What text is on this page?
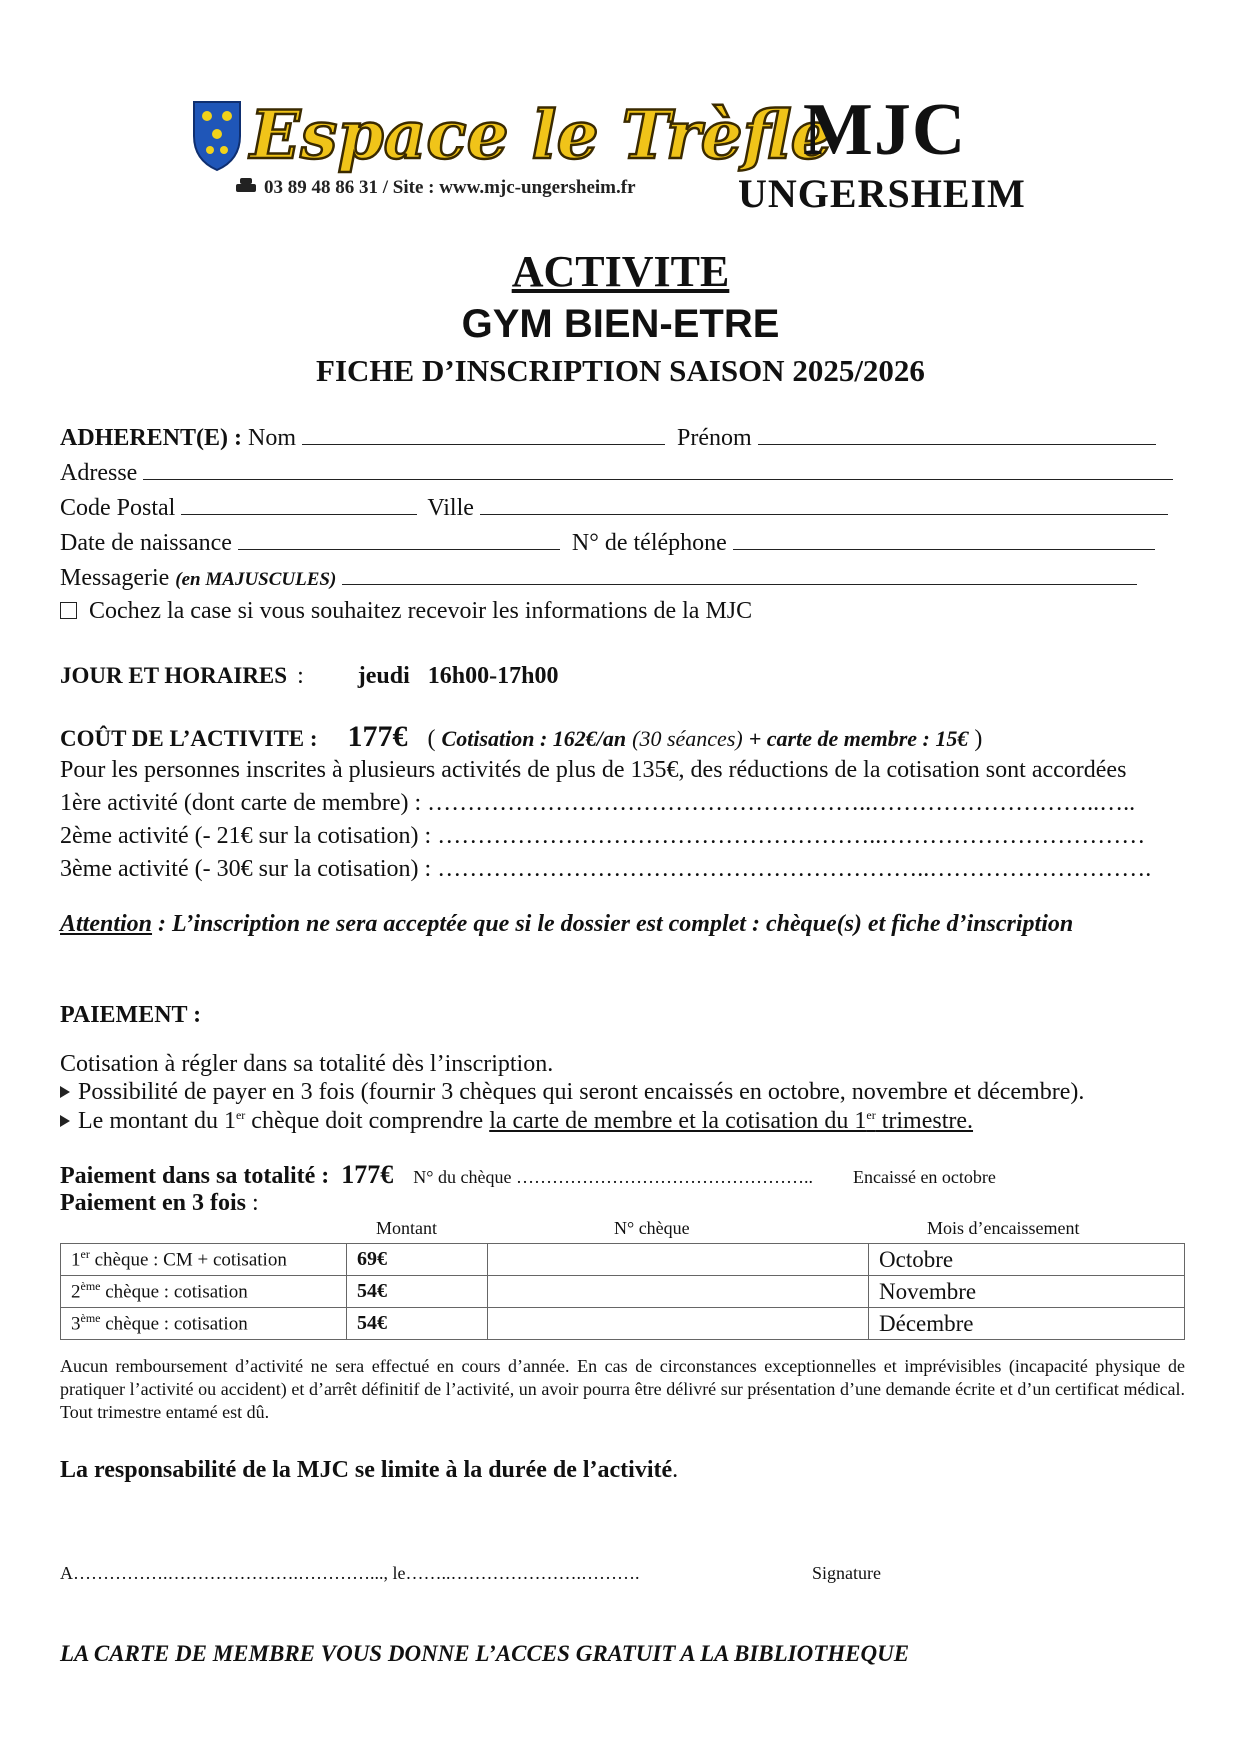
Espace le Trèfle
03 89 48 86 31 / Site : www.mjc-ungersheim.fr
MJC
UNGERSHEIM
ACTIVITE
GYM BIEN-ETRE
FICHE D’INSCRIPTION SAISON 2025/2026
ADHERENT(E) : Nom	Prénom
Adresse
Code Postal	Ville
Date de naissance	N° de téléphone
Messagerie (en MAJUSCULES)
Cochez la case si vous souhaitez recevoir les informations de la MJC
JOUR ET HORAIRES : jeudi   16h00-17h00
COÛT DE L’ACTIVITE : 177€ ( Cotisation : 162€/an (30 séances) + carte de membre : 15€ )
Pour les personnes inscrites à plusieurs activités de plus de 135€, des réductions de la cotisation sont accordées
1ère activité (dont carte de membre) : ………………………………………………..………………………..…..
2ème activité (- 21€ sur la cotisation) : ………………………………………………..……………………………
3ème activité (- 30€ sur la cotisation) : ……………………………………………………..……………………….
Attention : L’inscription ne sera acceptée que si le dossier est complet : chèque(s) et fiche d’inscription
PAIEMENT :
Cotisation à régler dans sa totalité dès l’inscription.
Possibilité de payer en 3 fois (fournir 3 chèques qui seront encaissés en octobre, novembre et décembre).
Le montant du 1er chèque doit comprendre la carte de membre et la cotisation du 1er trimestre.
Paiement dans sa totalité : 177€ N° du chèque ………………………………………….. Encaissé en octobre
Paiement en 3 fois :
Montant	N° chèque	Mois d’encaissement
1er chèque : CM + cotisation	69€		Octobre
2ème chèque : cotisation	54€		Novembre
3ème chèque : cotisation	54€		Décembre
Aucun remboursement d’activité ne sera effectué en cours d’année. En cas de circonstances exceptionnelles et imprévisibles (incapacité physique de pratiquer l’activité ou accident) et d’arrêt définitif de l’activité, un avoir pourra être délivré sur présentation d’une demande écrite et d’un certificat médical. Tout trimestre entamé est dû.
La responsabilité de la MJC se limite à la durée de l’activité.
A…………….………………….…………..., le……..………………….……….	Signature
LA CARTE DE MEMBRE VOUS DONNE L’ACCES GRATUIT A LA BIBLIOTHEQUE
